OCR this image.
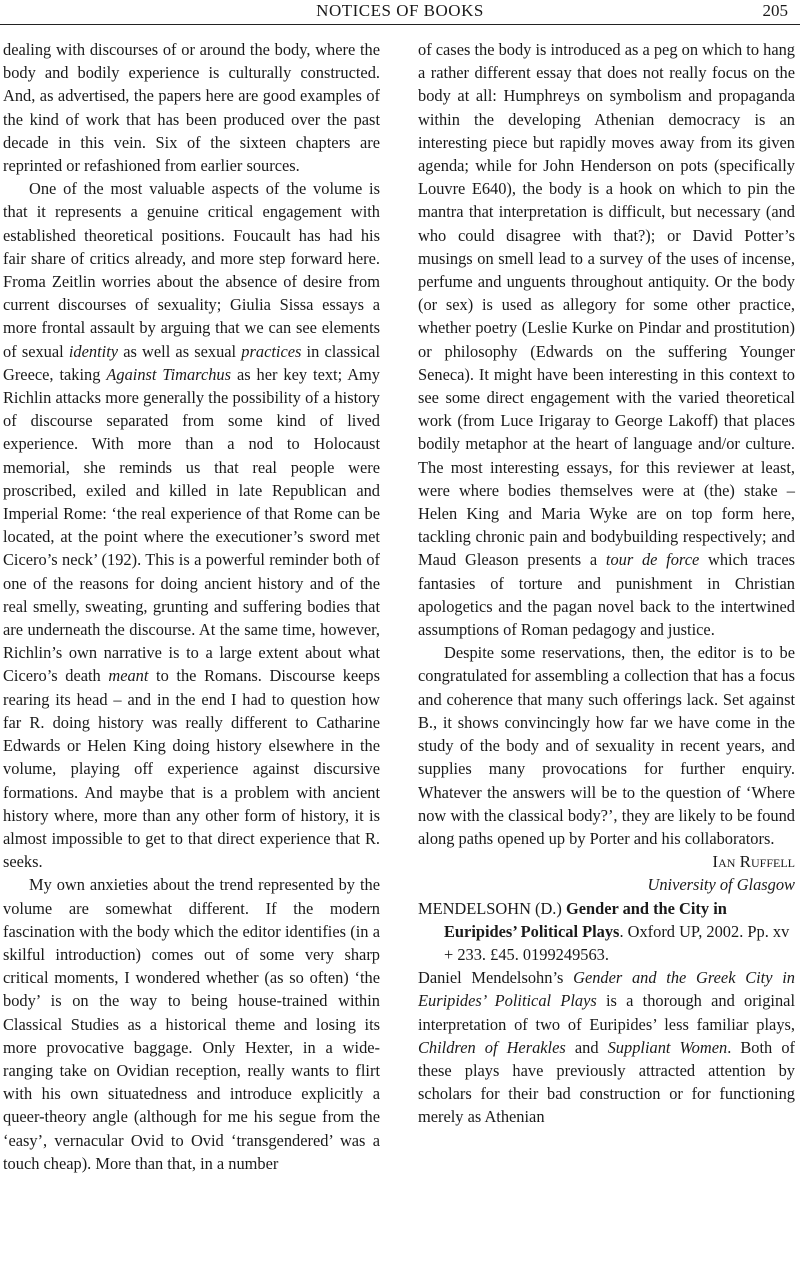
NOTICES OF BOOKS	205

dealing with discourses of or around the body, where the body and bodily experience is culturally constructed. And, as advertised, the papers here are good examples of the kind of work that has been produced over the past decade in this vein. Six of the sixteen chapters are reprinted or refashioned from earlier sources.

One of the most valuable aspects of the volume is that it represents a genuine critical engagement with established theoretical positions. Foucault has had his fair share of critics already, and more step forward here. Froma Zeitlin worries about the absence of desire from current discourses of sexuality; Giulia Sissa essays a more frontal assault by arguing that we can see elements of sexual identity as well as sexual practices in classical Greece, taking Against Timarchus as her key text; Amy Richlin attacks more generally the possibility of a history of discourse separated from some kind of lived experience. With more than a nod to Holocaust memorial, she reminds us that real people were proscribed, exiled and killed in late Republican and Imperial Rome: ‘the real experience of that Rome can be located, at the point where the executioner’s sword met Cicero’s neck’ (192). This is a powerful reminder both of one of the reasons for doing ancient history and of the real smelly, sweating, grunting and suffering bodies that are underneath the discourse. At the same time, however, Richlin’s own narrative is to a large extent about what Cicero’s death meant to the Romans. Discourse keeps rearing its head – and in the end I had to question how far R. doing history was really different to Catharine Edwards or Helen King doing history elsewhere in the volume, playing off experience against discursive formations. And maybe that is a problem with ancient history where, more than any other form of history, it is almost impossible to get to that direct experience that R. seeks.

My own anxieties about the trend represented by the volume are somewhat different. If the modern fascination with the body which the editor identifies (in a skilful introduction) comes out of some very sharp critical moments, I wondered whether (as so often) ‘the body’ is on the way to being house-trained within Classical Studies as a historical theme and losing its more provocative baggage. Only Hexter, in a wide-ranging take on Ovidian reception, really wants to flirt with his own situatedness and introduce explicitly a queer-theory angle (although for me his segue from the ‘easy’, vernacular Ovid to Ovid ‘transgendered’ was a touch cheap). More than that, in a number

of cases the body is introduced as a peg on which to hang a rather different essay that does not really focus on the body at all: Humphreys on symbolism and propaganda within the developing Athenian democracy is an interesting piece but rapidly moves away from its given agenda; while for John Henderson on pots (specifically Louvre E640), the body is a hook on which to pin the mantra that interpretation is difficult, but necessary (and who could disagree with that?); or David Potter’s musings on smell lead to a survey of the uses of incense, perfume and unguents throughout antiquity. Or the body (or sex) is used as allegory for some other practice, whether poetry (Leslie Kurke on Pindar and prostitution) or philosophy (Edwards on the suffering Younger Seneca). It might have been interesting in this context to see some direct engagement with the varied theoretical work (from Luce Irigaray to George Lakoff) that places bodily metaphor at the heart of language and/or culture. The most interesting essays, for this reviewer at least, were where bodies themselves were at (the) stake – Helen King and Maria Wyke are on top form here, tackling chronic pain and bodybuilding respectively; and Maud Gleason presents a tour de force which traces fantasies of torture and punishment in Christian apologetics and the pagan novel back to the intertwined assumptions of Roman pedagogy and justice.

Despite some reservations, then, the editor is to be congratulated for assembling a collection that has a focus and coherence that many such offerings lack. Set against B., it shows convincingly how far we have come in the study of the body and of sexuality in recent years, and supplies many provocations for further enquiry. Whatever the answers will be to the question of ‘Where now with the classical body?’, they are likely to be found along paths opened up by Porter and his collaborators.

Ian Ruffell
University of Glasgow

MENDELSOHN (D.) Gender and the City in Euripides’ Political Plays. Oxford UP, 2002. Pp. xv + 233. £45. 0199249563.

Daniel Mendelsohn’s Gender and the Greek City in Euripides’ Political Plays is a thorough and original interpretation of two of Euripides’ less familiar plays, Children of Herakles and Suppliant Women. Both of these plays have previously attracted attention by scholars for their bad construction or for functioning merely as Athenian
